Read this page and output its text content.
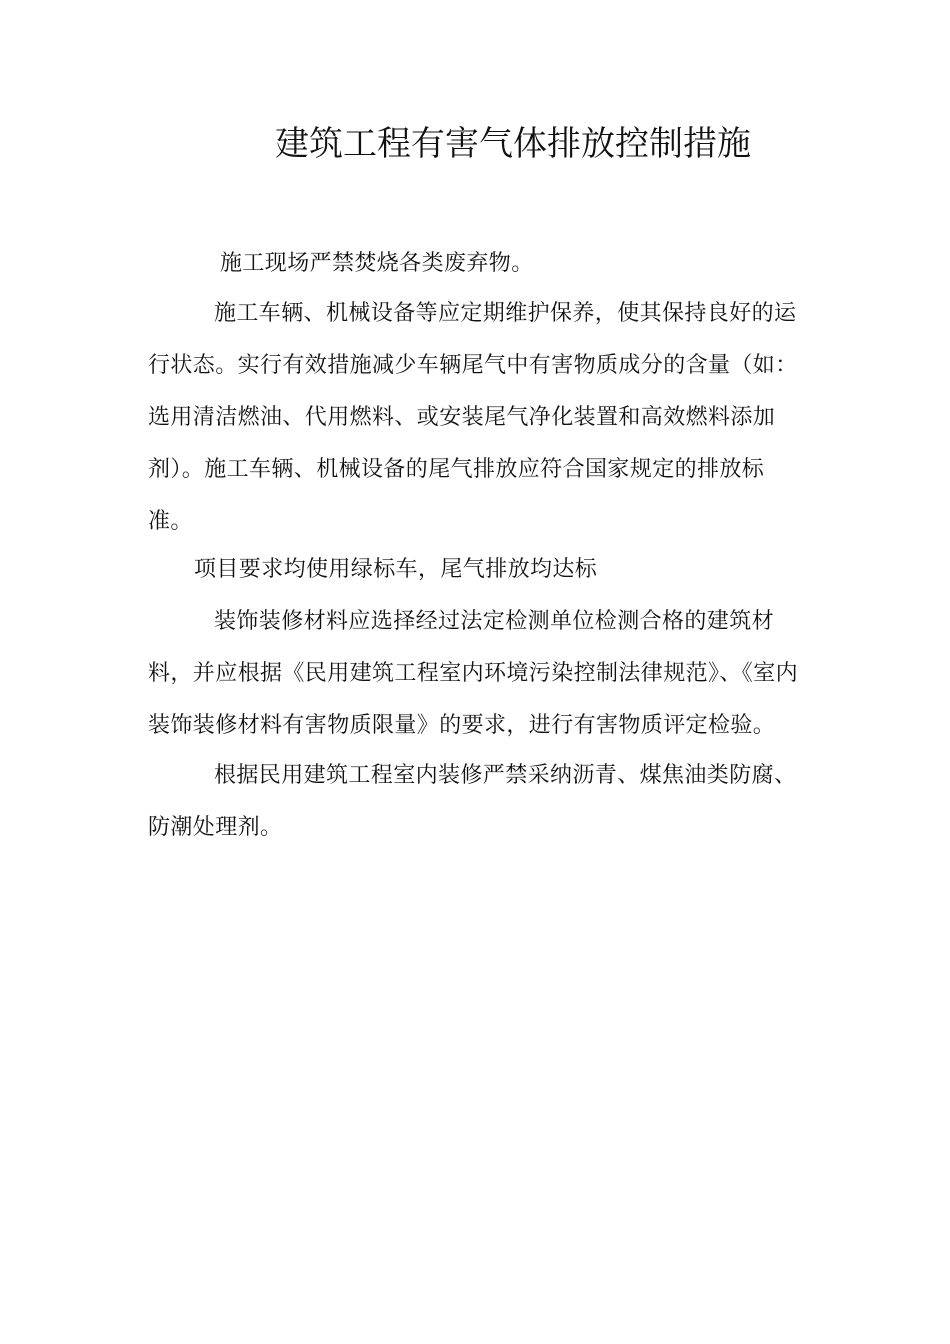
建筑工程有害气体排放控制措施
施工现场严禁焚烧各类废弃物。
施工车辆、机械设备等应定期维护保养，使其保持良好的运行状态。实行有效措施减少车辆尾气中有害物质成分的含量（如：选用清洁燃油、代用燃料、或安装尾气净化装置和高效燃料添加剂）。施工车辆、机械设备的尾气排放应符合国家规定的排放标准。
项目要求均使用绿标车，尾气排放均达标
装饰装修材料应选择经过法定检测单位检测合格的建筑材料，并应根据《民用建筑工程室内环境污染控制法律规范》、《室内装饰装修材料有害物质限量》的要求，进行有害物质评定检验。
根据民用建筑工程室内装修严禁采纳沥青、煤焦油类防腐、防潮处理剂。
